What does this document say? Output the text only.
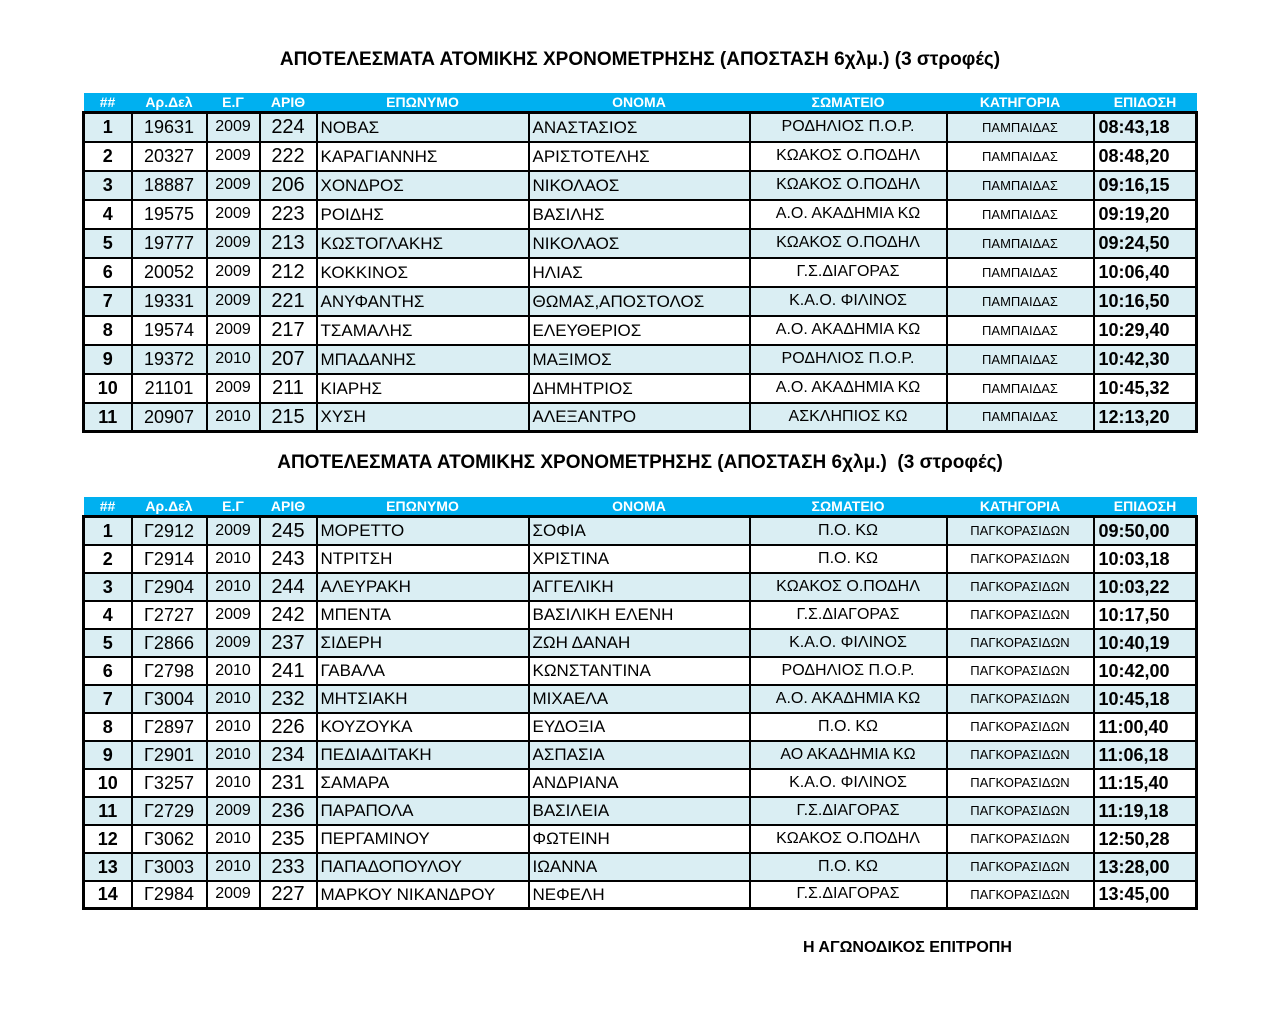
ΑΠΟΤΕΛΕΣΜΑΤΑ ΑΤΟΜΙΚΗΣ ΧΡΟΝΟΜΕΤΡΗΣΗΣ (ΑΠΟΣΤΑΣΗ 6χλμ.) (3 στροφές)
##	Αρ.Δελ	Ε.Γ	ΑΡΙΘ	ΕΠΩΝΥΜΟ	ΟΝΟΜΑ	ΣΩΜΑΤΕΙΟ	ΚΑΤΗΓΟΡΙΑ	ΕΠΙΔΟΣΗ
1	19631	2009	224	ΝΟΒΑΣ	ΑΝΑΣΤΑΣΙΟΣ	ΡΟΔΗΛΙΟΣ Π.Ο.Ρ.	ΠΑΜΠΑΙΔΑΣ	08:43,18
2	20327	2009	222	ΚΑΡΑΓΙΑΝΝΗΣ	ΑΡΙΣΤΟΤΕΛΗΣ	ΚΩΑΚΟΣ Ο.ΠΟΔΗΛ	ΠΑΜΠΑΙΔΑΣ	08:48,20
3	18887	2009	206	ΧΟΝΔΡΟΣ	ΝΙΚΟΛΑΟΣ	ΚΩΑΚΟΣ Ο.ΠΟΔΗΛ	ΠΑΜΠΑΙΔΑΣ	09:16,15
4	19575	2009	223	ΡΟΙΔΗΣ	ΒΑΣΙΛΗΣ	Α.Ο. ΑΚΑΔΗΜΙΑ ΚΩ	ΠΑΜΠΑΙΔΑΣ	09:19,20
5	19777	2009	213	ΚΩΣΤΟΓΛΑΚΗΣ	ΝΙΚΟΛΑΟΣ	ΚΩΑΚΟΣ Ο.ΠΟΔΗΛ	ΠΑΜΠΑΙΔΑΣ	09:24,50
6	20052	2009	212	ΚΟΚΚΙΝΟΣ	ΗΛΙΑΣ	Γ.Σ.ΔΙΑΓΟΡΑΣ	ΠΑΜΠΑΙΔΑΣ	10:06,40
7	19331	2009	221	ΑΝΥΦΑΝΤΗΣ	ΘΩΜΑΣ,ΑΠΟΣΤΟΛΟΣ	Κ.Α.Ο. ΦΙΛΙΝΟΣ	ΠΑΜΠΑΙΔΑΣ	10:16,50
8	19574	2009	217	ΤΣΑΜΑΛΗΣ	ΕΛΕΥΘΕΡΙΟΣ	Α.Ο. ΑΚΑΔΗΜΙΑ ΚΩ	ΠΑΜΠΑΙΔΑΣ	10:29,40
9	19372	2010	207	ΜΠΑΔΑΝΗΣ	ΜΑΞΙΜΟΣ	ΡΟΔΗΛΙΟΣ Π.Ο.Ρ.	ΠΑΜΠΑΙΔΑΣ	10:42,30
10	21101	2009	211	ΚΙΑΡΗΣ	ΔΗΜΗΤΡΙΟΣ	Α.Ο. ΑΚΑΔΗΜΙΑ ΚΩ	ΠΑΜΠΑΙΔΑΣ	10:45,32
11	20907	2010	215	ΧΥΣΗ	ΑΛΕΞΑΝΤΡΟ	ΑΣΚΛΗΠΙΟΣ ΚΩ	ΠΑΜΠΑΙΔΑΣ	12:13,20
ΑΠΟΤΕΛΕΣΜΑΤΑ ΑΤΟΜΙΚΗΣ ΧΡΟΝΟΜΕΤΡΗΣΗΣ (ΑΠΟΣΤΑΣΗ 6χλμ.)  (3 στροφές)
##	Αρ.Δελ	Ε.Γ	ΑΡΙΘ	ΕΠΩΝΥΜΟ	ΟΝΟΜΑ	ΣΩΜΑΤΕΙΟ	ΚΑΤΗΓΟΡΙΑ	ΕΠΙΔΟΣΗ
1	Γ2912	2009	245	ΜΟΡΕΤΤΟ	ΣΟΦΙΑ	Π.Ο. ΚΩ	ΠΑΓΚΟΡΑΣΙΔΩΝ	09:50,00
2	Γ2914	2010	243	ΝΤΡΙΤΣΗ	ΧΡΙΣΤΙΝΑ	Π.Ο. ΚΩ	ΠΑΓΚΟΡΑΣΙΔΩΝ	10:03,18
3	Γ2904	2010	244	ΑΛΕΥΡΑΚΗ	ΑΓΓΕΛΙΚΗ	ΚΩΑΚΟΣ Ο.ΠΟΔΗΛ	ΠΑΓΚΟΡΑΣΙΔΩΝ	10:03,22
4	Γ2727	2009	242	ΜΠΕΝΤΑ	ΒΑΣΙΛΙΚΗ ΕΛΕΝΗ	Γ.Σ.ΔΙΑΓΟΡΑΣ	ΠΑΓΚΟΡΑΣΙΔΩΝ	10:17,50
5	Γ2866	2009	237	ΣΙΔΕΡΗ	ΖΩΗ ΔΑΝΑΗ	Κ.Α.Ο. ΦΙΛΙΝΟΣ	ΠΑΓΚΟΡΑΣΙΔΩΝ	10:40,19
6	Γ2798	2010	241	ΓΑΒΑΛΑ	ΚΩΝΣΤΑΝΤΙΝΑ	ΡΟΔΗΛΙΟΣ Π.Ο.Ρ.	ΠΑΓΚΟΡΑΣΙΔΩΝ	10:42,00
7	Γ3004	2010	232	ΜΗΤΣΙΑΚΗ	ΜΙΧΑΕΛΑ	Α.Ο. ΑΚΑΔΗΜΙΑ ΚΩ	ΠΑΓΚΟΡΑΣΙΔΩΝ	10:45,18
8	Γ2897	2010	226	ΚΟΥΖΟΥΚΑ	ΕΥΔΟΞΙΑ	Π.Ο. ΚΩ	ΠΑΓΚΟΡΑΣΙΔΩΝ	11:00,40
9	Γ2901	2010	234	ΠΕΔΙΑΔΙΤΑΚΗ	ΑΣΠΑΣΙΑ	ΑΟ ΑΚΑΔΗΜΙΑ ΚΩ	ΠΑΓΚΟΡΑΣΙΔΩΝ	11:06,18
10	Γ3257	2010	231	ΣΑΜΑΡΑ	ΑΝΔΡΙΑΝΑ	Κ.Α.Ο. ΦΙΛΙΝΟΣ	ΠΑΓΚΟΡΑΣΙΔΩΝ	11:15,40
11	Γ2729	2009	236	ΠΑΡΑΠΟΛΑ	ΒΑΣΙΛΕΙΑ	Γ.Σ.ΔΙΑΓΟΡΑΣ	ΠΑΓΚΟΡΑΣΙΔΩΝ	11:19,18
12	Γ3062	2010	235	ΠΕΡΓΑΜΙΝΟΥ	ΦΩΤΕΙΝΗ	ΚΩΑΚΟΣ Ο.ΠΟΔΗΛ	ΠΑΓΚΟΡΑΣΙΔΩΝ	12:50,28
13	Γ3003	2010	233	ΠΑΠΑΔΟΠΟΥΛΟΥ	ΙΩΑΝΝΑ	Π.Ο. ΚΩ	ΠΑΓΚΟΡΑΣΙΔΩΝ	13:28,00
14	Γ2984	2009	227	ΜΑΡΚΟΥ ΝΙΚΑΝΔΡΟΥ	ΝΕΦΕΛΗ	Γ.Σ.ΔΙΑΓΟΡΑΣ	ΠΑΓΚΟΡΑΣΙΔΩΝ	13:45,00
Η ΑΓΩΝΟΔΙΚΟΣ ΕΠΙΤΡΟΠΗ
